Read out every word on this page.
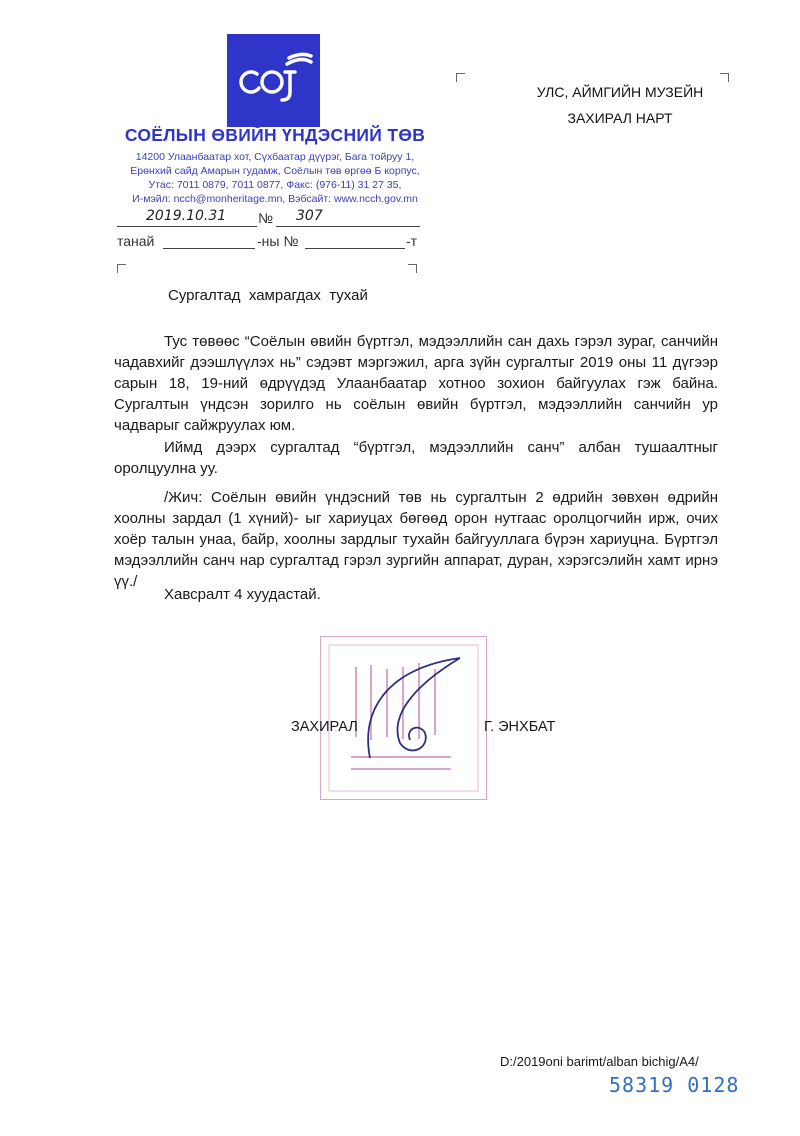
СОЁЛЫН ӨВИЙН ҮНДЭСНИЙ ТӨВ
14200 Улаанбаатар хот, Сүхбаатар дүүрэг, Бага тойруу 1,
Ерөнхий сайд Амарын гудамж, Соёлын төв өргөө Б корпус,
Утас: 7011 0879, 7011 0877, Факс: (976-11) 31 27 35,
И-мэйл: ncch@monheritage.mn, Вэбсайт: www.ncch.gov.mn
2019.10.31 № 307
танай	-ны №	-т
УЛС, АЙМГИЙН МУЗЕЙН
ЗАХИРАЛ НАРТ
Сургалтад  хамрагдах  тухай
Тус төвөөс “Соёлын өвийн бүртгэл, мэдээллийн сан дахь гэрэл зураг, санчийн чадавхийг дээшлүүлэх нь” сэдэвт мэргэжил, арга зүйн сургалтыг 2019 оны 11 дүгээр сарын 18, 19-ний өдрүүдэд Улаанбаатар хотноо зохион байгуулах гэж байна. Сургалтын үндсэн зорилго нь соёлын өвийн бүртгэл, мэдээллийн санчийн ур чадварыг сайжруулах юм.
Иймд дээрх сургалтад “бүртгэл, мэдээллийн санч” албан тушаалтныг оролцуулна уу.
/Жич: Соёлын өвийн үндэсний төв нь сургалтын 2 өдрийн зөвхөн өдрийн хоолны зардал (1 хүний)- ыг хариуцах бөгөөд орон нутгаас оролцогчийн ирж, очих хоёр талын унаа, байр, хоолны зардлыг тухайн байгууллага бүрэн хариуцна. Бүртгэл мэдээллийн санч нар сургалтад гэрэл зургийн аппарат, дуран, хэрэгсэлийн хамт ирнэ үү./
Хавсралт 4 хуудастай.
ЗАХИРАЛ	Г. ЭНХБАТ
D:/2019oni barimt/alban bichig/A4/
58319 0128
